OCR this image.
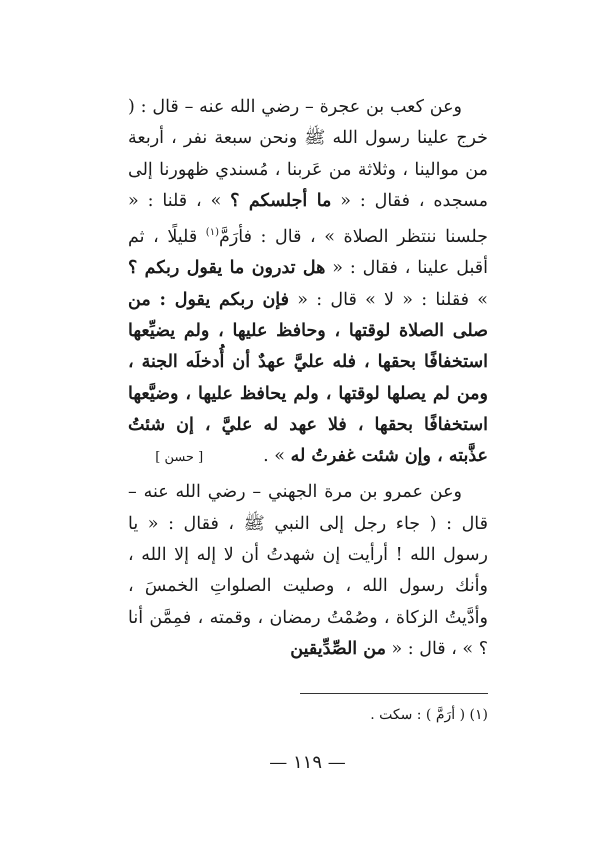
وعن كعب بن عجرة – رضي الله عنه – قال : ( خرج علينا رسول الله ﷺ ونحن سبعة نفر ، أربعة من موالينا ، وثلاثة من عَربنا ، مُسندي ظهورنا إلى مسجده ، فقال : « ما أجلسكم ؟ » ، قلنا : « جلسنا ننتظر الصلاة » ، قال : فأرَمَّ$^{(١)}$ قليلًا ، ثم أقبل علينا ، فقال : « هل تدرون ما يقول ربكم ؟ » فقلنا : « لا » قال : « فإن ربكم يقول : من صلى الصلاة لوقتها ، وحافظ عليها ، ولم يضيِّعها استخفافًا بحقها ، فله عليَّ عهدٌ أن أُدخلَه الجنة ، ومن لم يصلها لوقتها ، ولم يحافظ عليها ، وضيَّعها استخفافًا بحقها ، فلا عهد له عليَّ ، إن شئتُ عذَّبته ، وإن شئت غفرتُ له » .[ حسن ]

وعن عمرو بن مرة الجهني – رضي الله عنه – قال : ( جاء رجل إلى النبي ﷺ ، فقال : « يا رسول الله ! أرأيت إن شهدتُ أن لا إله إلا الله ، وأنك رسول الله ، وصليت الصلواتِ الخمسَ ، وأدَّيتُ الزكاة ، وصُمْتُ رمضان ، وقمته ، فمِمَّن أنا ؟ » ، قال : « من الصِّدِّيقين

(١) ( أرَمَّ ) : سكت .
— ١١٩ —
